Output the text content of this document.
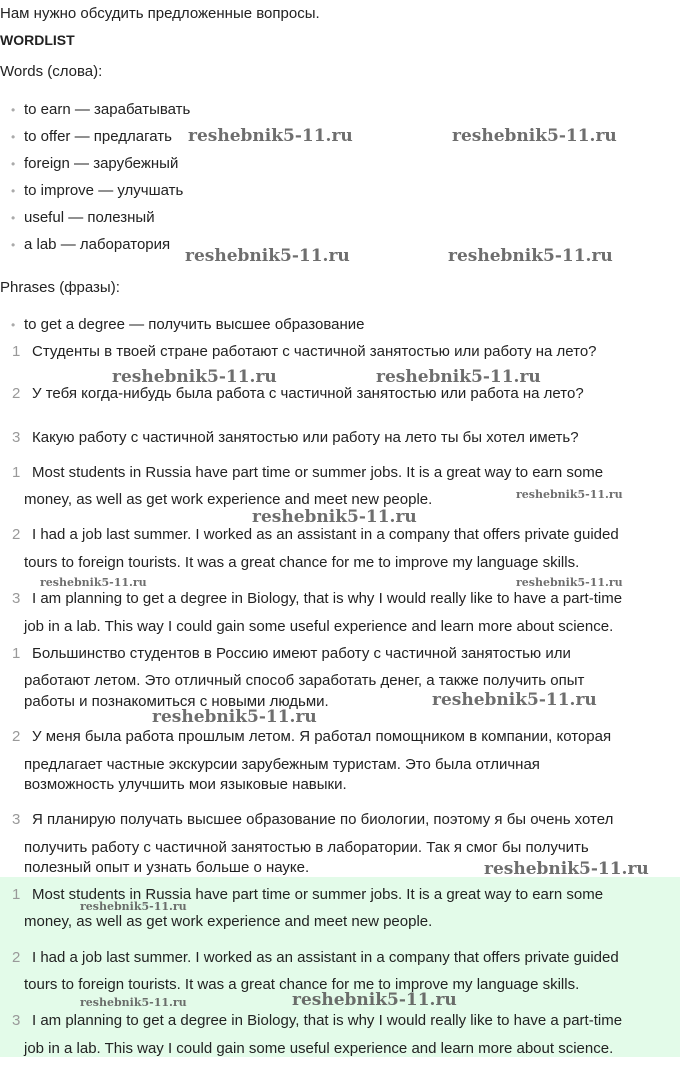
Нам нужно обсудить предложенные вопросы.
WORDLIST
Words (слова):
• to earn — зарабатывать
• to offer — предлагать
• foreign — зарубежный
• to improve — улучшать
• useful — полезный
• a lab — лаборатория
Phrases (фразы):
• to get a degree — получить высшее образование
1 Студенты в твоей стране работают с частичной занятостью или работу на лето?
2 У тебя когда-нибудь была работа с частичной занятостью или работа на лето?
3 Какую работу с частичной занятостью или работу на лето ты бы хотел иметь?
1 Most students in Russia have part time or summer jobs. It is a great way to earn some
money, as well as get work experience and meet new people.
2 I had a job last summer. I worked as an assistant in a company that offers private guided
tours to foreign tourists. It was a great chance for me to improve my language skills.
3 I am planning to get a degree in Biology, that is why I would really like to have a part-time
job in a lab. This way I could gain some useful experience and learn more about science.
1 Большинство студентов в Россию имеют работу с частичной занятостью или
работают летом. Это отличный способ заработать денег, а также получить опыт
работы и познакомиться с новыми людьми.
2 У меня была работа прошлым летом. Я работал помощником в компании, которая
предлагает частные экскурсии зарубежным туристам. Это была отличная
возможность улучшить мои языковые навыки.
3 Я планирую получать высшее образование по биологии, поэтому я бы очень хотел
получить работу с частичной занятостью в лаборатории. Так я смог бы получить
полезный опыт и узнать больше о науке.
1 Most students in Russia have part time or summer jobs. It is a great way to earn some
money, as well as get work experience and meet new people.
2 I had a job last summer. I worked as an assistant in a company that offers private guided
tours to foreign tourists. It was a great chance for me to improve my language skills.
3 I am planning to get a degree in Biology, that is why I would really like to have a part-time
job in a lab. This way I could gain some useful experience and learn more about science.
reshebnik5-11.ru	reshebnik5-11.ru
reshebnik5-11.ru	reshebnik5-11.ru
reshebnik5-11.ru	reshebnik5-11.ru
reshebnik5-11.ru
reshebnik5-11.ru
reshebnik5-11.ru	reshebnik5-11.ru
reshebnik5-11.ru
reshebnik5-11.ru
reshebnik5-11.ru
reshebnik5-11.ru
reshebnik5-11.ru	reshebnik5-11.ru
